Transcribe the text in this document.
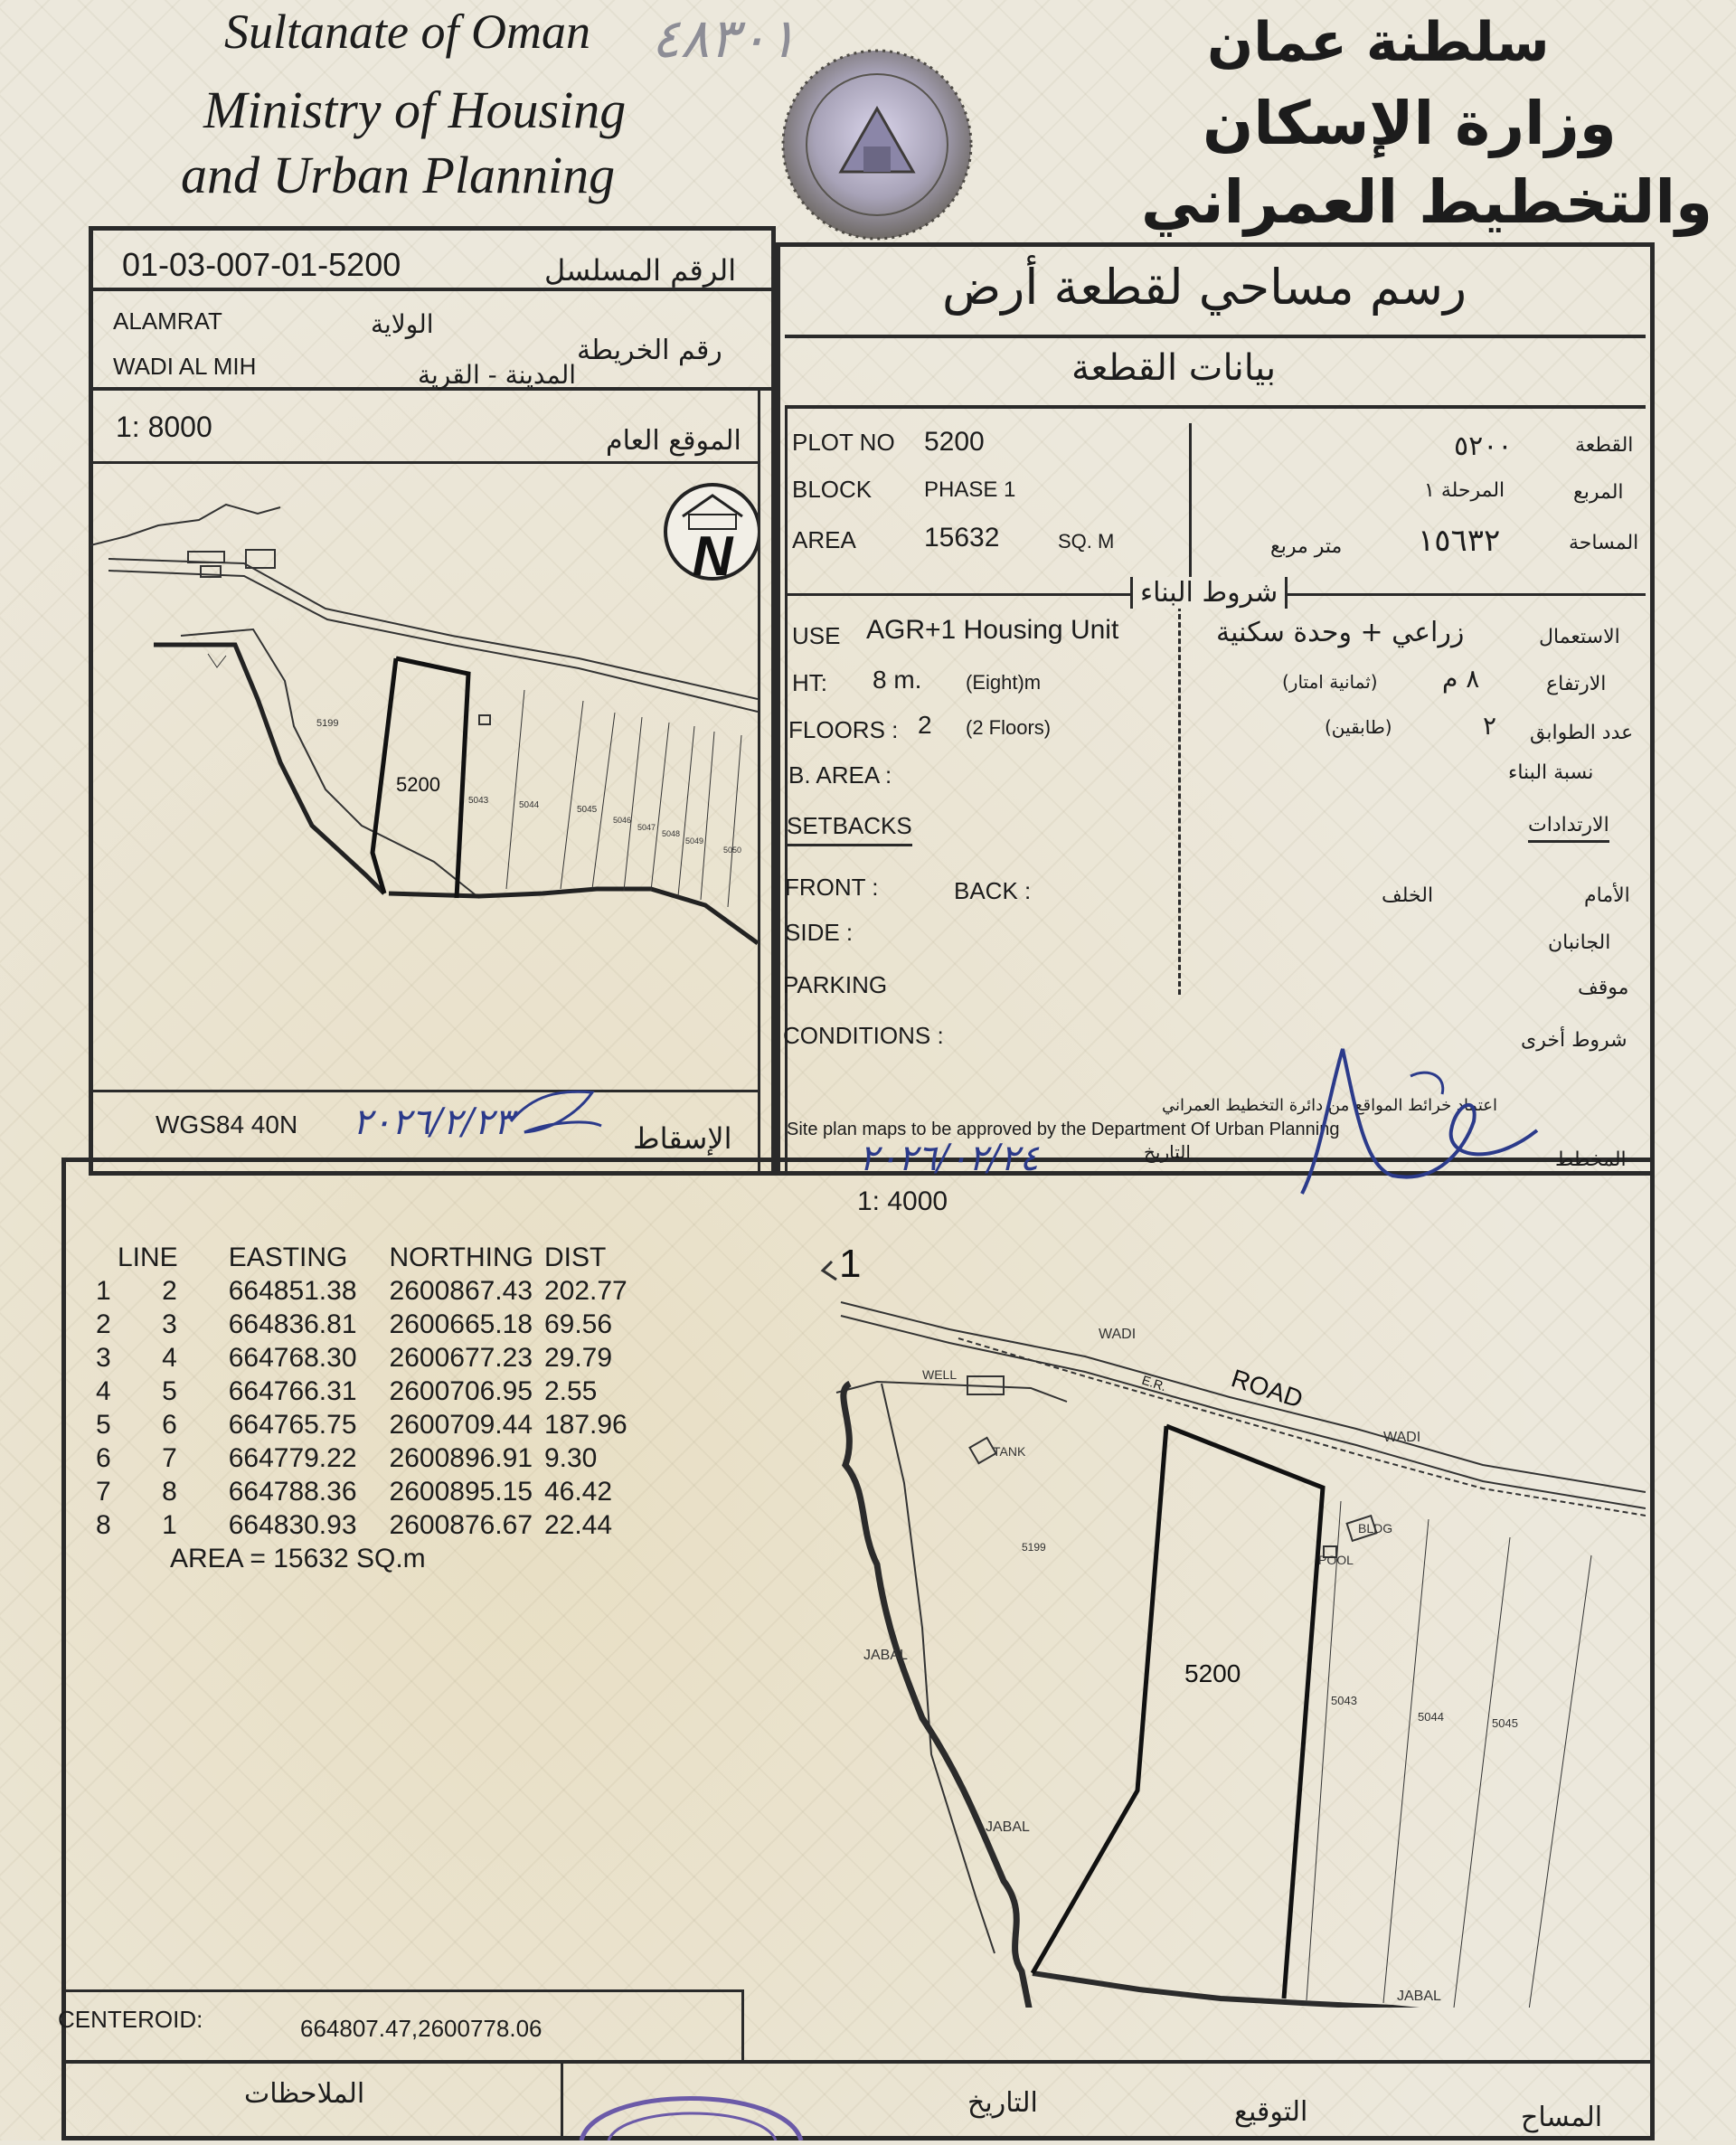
Sultanate of Oman
Ministry of Housing
and Urban Planning
سلطنة عمان
وزارة الإسكان
والتخطيط العمراني
٤٨٣٠١
01-03-007-01-5200	الرقم المسلسل
ALAMRAT	الولاية
رقم الخريطة
WADI AL MIH	المدينة - القرية
1: 8000	الموقع العام
N
5200
5199
5043	5044	5045
5046
5047
5048
5049
5050
WGS84 40N ٢٠٢٦/٢/٢٣	الإسقاط
رسم مساحي لقطعة أرض
بيانات القطعة
PLOT NO 5200	٥٢٠٠	القطعة
BLOCK PHASE 1	المرحلة ١	المربع
AREA	15632	SQ. M	متر مربع ١٥٦٣٢	المساحة
شروط البناء
USE AGR+1 Housing Unit	زراعي + وحدة سكنية	الاستعمال
HT: 8 m. (Eight)m	(ثمانية امتار)	٨ م	الارتفاع
FLOORS : 2 (2 Floors)	(طابقين)	٢ عدد الطوابق
B. AREA :	نسبة البناء
SETBACKS	الارتدادات
FRONT :	BACK :	الخلف	الأمام
SIDE :	الجانبان
PARKING	موقف
CONDITIONS :	شروط أخرى
اعتماد خرائط المواقع من دائرة التخطيط العمراني
Site plan maps to be approved by the Department Of Urban Planning
التاريخ
٢٠٢٦/٠٢/٢٤	المخطط
1: 4000
LINE		EASTING	NORTHING	DIST
1	2	664851.38	2600867.43	202.77
2	3	664836.81	2600665.18	69.56
3	4	664768.30	2600677.23	29.79
4	5	664766.31	2600706.95	2.55
5	6	664765.75	2600709.44	187.96
6	7	664779.22	2600896.91	9.30
7	8	664788.36	2600895.15	46.42
8	1	664830.93	2600876.67	22.44
AREA = 15632 SQ.m				
WADI
WADI
ROAD
E.R.
WELL
TANK
BLDG
POOL
JABAL
JABAL
JABAL
5200
5199
5043
5044	5045
1
CENTEROID:	664807.47,2600778.06
الملاحظات	التاريخ	التوقيع	المساح
